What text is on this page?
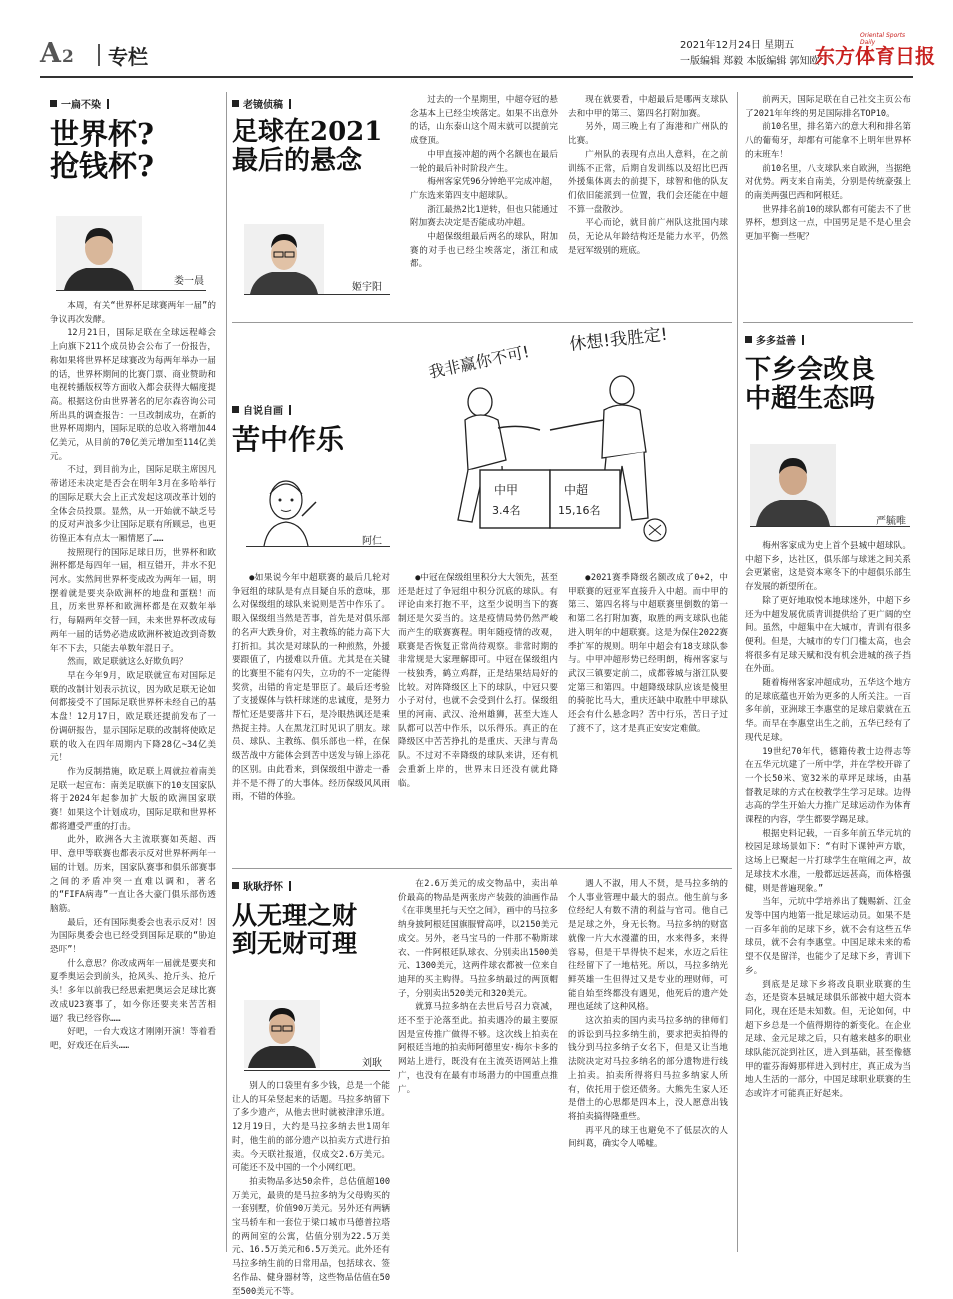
A 2 专栏	2021年12月24日 星期五
一版编辑 郑毅 本版编辑 郭知欧
Oriental Sports Daily
东方体育日报
一扁不染
世界杯?
抢钱杯?
娄一晨

本周，有关“世界杯足球赛两年一届”的争议再次发酵。

12月21日，国际足联在全球远程峰会上向旗下211个成员协会公布了一份报告，称如果将世界杯足球赛改为每两年举办一届的话，世界杯期间的比赛门票、商业赞助和电视转播版权等方面收入都会获得大幅度提高。根据这份由世界著名的尼尔森咨询公司所出具的调查报告：一旦改制成功，在新的世界杯周期内，国际足联的总收入将增加44亿美元，从目前的70亿美元增加至114亿美元。

不过，到目前为止，国际足联主席因凡蒂诺还未决定是否会在明年3月在多哈举行的国际足联大会上正式发起这项改革计划的全体会员投票。显然，从一开始就不缺乏号的反对声浪多少让国际足联有所顾忌，也更彷徨正本有点太一厢情愿了……

按照现行的国际足球日历，世界杯和欧洲杯都是每四年一届，相互错开，井水不犯河水。实然间世界杯变成改为两年一届，明摆着就是要夹杂欧洲杯的地盘和蛋糕！而且，历来世界杯和欧洲杯都是在双数年举行，每隔两年交替一回，未来世界杯改成每两年一届的话势必造成欧洲杯被迫改到奇数年不下去，只能去单数年混日子。

然而，欧足联就这么好欺负吗？

早在今年9月，欧足联就宣布对国际足联的改制计划表示抗议，因为欧足联无论如何都接受不了国际足联世界杯未经自己的基本盘！12月17日，欧足联还提前发布了一份调研报告，显示国际足联的改制将使欧足联的收入在四年周期内下降28亿~34亿美元！

作为反制措施，欧足联上周就拉着南美足联一起宣布：南美足联旗下的10支国家队将于2024年起参加扩大版的欧洲国家联赛！如果这个计划成功，国际足联和世界杯都将遭受严重的打击。

此外，欧洲各大主流联赛如英超、西甲、意甲等联赛也都表示反对世界杯两年一届的计划。历来，国家队赛事和俱乐部赛事之间的矛盾冲突一直难以调和，著名的“FIFA病毒”一直让各大豪门俱乐部伤透脑筋。

最后，还有国际奥委会也表示反对！因为国际奥委会也已经受到国际足联的“胁迫恐吓”！

什么意思？你改成两年一届就是要夹和夏季奥运会到前头，抢风头、抢斤头、抢斤头！多年以前我已经思索把奥运会足球比赛改成U23赛事了，如今你还要夹来苦苦相逼？我已经容你……

好吧，一台大戏这才刚刚开演！等着看吧，好戏还在后头……

老镜侦稿
足球在2021
最后的悬念
姬宇阳

过去的一个星期里，中超夺冠的悬念基本上已经尘埃落定。如果不出意外的话，山东泰山这个周末就可以提前完成登顶。

中甲直接冲超的两个名额也在最后一轮的最后补时阶段产生。

梅州客家凭96分钟绝平完成冲超，广东选来第四支中超球队。

浙江最热2比1逆转，但也只能通过附加赛去决定是否能成功冲超。

中超保级组最后两名的球队，附加赛的对手也已经尘埃落定，浙江和成都。

现在就要看，中超最后是哪两支球队去和中甲的第三、第四名打附加赛。

另外，周三晚上有了海港和广州队的比赛。

广州队的表现有点出人意料，在之前训练不正常，后期自发训练以及绍比巴西外援集体离去的前提下，球智和他的队友们依旧能派到一位置，我们会还能在中超不算一盘散沙。

平心而论，就目前广州队这批国内球员，无论从年龄结构还是能力水平，仍然是冠军级别的班底。

前两天，国际足联在自己社交主页公布了2021年年终的男足国际排名TOP10。

前10名里，排名第六的意大利和排名第八的葡萄牙，却都有可能拿不上明年世界杯的末班车！

前10名里，八支球队来自欧洲，当据绝对优势。两支来自南美，分别是传统豪强上的南美两强巴西和阿根廷。

世界排名前10的球队都有可能去不了世界杯，想到这一点，中国男足是不是心里会更加平衡一些呢？

自说自画
苦中作乐
阿仁
我非赢你不可!
休想!我胜定!
中甲
3.4名
中超
15,16名

●如果说今年中超联赛的最后几轮对争冠组的球队是有点目疑自乐的意味，那么对保级组的球队来说则是苦中作乐了。眼入保级组当然是苦事，首先是对俱乐部的名声大跌身价，对主教练的能力高下大打折扣。其次是对球队的一种煎熬，外援要跟值了，内援难以升值。尤其是在关键的比赛里不能有闪失，立功的不一定能得奖赏，出错的肯定是罪臣了。最后还考验了支援媒体与铁杆球迷的忠诚度，是努力帮忙还是要落井下石，是冷眼热讽还是乘热捉主持。人在黑龙江时见识了朋友。球员、球队、主教练、俱乐部也一样，在保级苦战中方能体会到苦中送发与锦上添花的区别。由此看来，到保级组中游走一番并不是不得了的大事体。经历保级风风雨雨，不错的体验。

●中冠在保级组里积分大大领先，甚至还是赶过了争冠组中积分沉底的球队。有评论由来打抱不平，这至少说明当下的赛制还是欠妥当的。这是疫情局势仍然严峻而产生的联赛赛程。明年随疫情的改观，联赛是否恢复正常尚待观察。非常时期的非常规是大家理解即可。中冠在保级组内一枝独秀，鹤立鸡群，正是结果结局好的比较。对阵降级区上下的球队，中冠只要小子对付，也就不会受到什么打。保级组里的河南、武汉、沧州雄狮，甚至大连人队都可以苦中作乐，以乐得乐。真正的在降级区中苦苦挣扎的是重庆、天津与青岛队。不过对不幸降级的球队来讲，还有机会重新上岸的，世界末日还没有就此降临。

●2021赛季降级名额改成了0+2，中甲联赛的冠亚军直接升入中超。而中甲的第三、第四名将与中超联赛里倒数的第一和第二名打附加赛，取胜的两支球队也能进入明年的中超联赛。这是为保住2022赛季扩军的规则。明年中超会有18支球队参与。中甲冲超形势已经明朗，梅州客家与武汉三镇要定前二，成都蓉城与浙江队要定第三和第四。中超降级球队应该是傻里的骑驼比马大，重庆还缺中取胜中甲球队还会有什么悬念吗？苦中行乐，苦日子过了渡不了，这才是真正安安定难做。

多多益善
下乡会改良
中超生态吗
严毓唯

梅州客家成为史上首个县城中超球队。中超下乡，达社区，俱乐部与球迷之间关系会更紧密，这是资本寒冬下的中超俱乐部生存发展的新望所在。

除了更好地取悦本地球迷外，中超下乡还为中超发展优质青训提供给了更广阔的空间。虽然，中超集中在大城市，青训有很多便利。但是，大城市的专门门槛太高，也会将很多有足球天赋和没有机会进城的孩子挡在外面。

随着梅州客家冲超成功，五华这个地方的足球底蕴也开始为更多的人所关注。一百多年前，亚洲球王李惠堂的足球启蒙就在五华。而早在李惠堂出生之前，五华已经有了现代足球。

19世纪70年代，德籍传教士边得志等在五华元坑建了一所中学，并在学校开辟了一个长50米、宽32米的草坪足球场，由基督教足球的方式在校教学生学习足球。边得志高的学生开始大力推广足球运动作为体育课程的内容，学生都要学踢足球。

根据史料记载，一百多年前五华元坑的校园足球场景如下：“有时下课钟声方歇，这场上已聚起一片打球学生在喧闹之声，故足球技术水准，一般都远远甚高，而体格强健，则是普遍现象。”

当年，元坑中学培养出了魏赐新、江金发等中国内地第一批足球运动员。如果不是一百多年前的足球下乡，就不会有这些五华球员，就不会有李惠堂。中国足球未来的希望不仅是留洋，也能少了足球下乡，青训下乡。

到底是足球下乡将改良职业联赛的生态，还是资本县城足球俱乐部被中超大资本同化，现在还是未知数。但，无论如何，中超下乡总是一个值得期待的新变化。在企业足球、金元足球之后，只有越来越多的职业球队能沉淀到社区，进入到基础，甚至像德甲的霍芬海姆那样进入到村庄，真正成为当地人生活的一部分，中国足球职业联赛的生态或许才可能真正好起来。

耿耿抒怀
从无理之财
到无财可理
刘耿

别人的口袋里有多少钱，总是一个能让人的耳朵竖起来的话题。马拉多纳留下了多少遗产，从他去世时就被津津乐道。12月19日，大约是马拉多纳去世1周年时，他生前的部分遗产以拍卖方式进行拍卖。今天联社报道，仅成交2.6万美元。可能还不及中国的一个小网红吧。

拍卖物品多达50余件，总估值超100万美元，最贵的是马拉多纳为父母购买的一套别墅，价值90万美元。另外还有两辆宝马轿车和一套位于梁口城市马德普拉塔的两间室的公寓，估值分别为22.5万美元、16.5万美元和6.5万美元。此外还有马拉多纳生前的日常用品，包括球衣、签名作品、健身器材等，这些物品估值在50至500美元不等。

在2.6万美元的成交物品中，卖出单价最高的物品是两张房产装鼓的油画作品《在菲奥里托与天空之间》，画中的马拉多纳身披阿根廷国旗服臂高呼，以2150美元成交。另外，老马宝马的一件那不勒斯球衣、一件阿根廷队球衣、分别卖出1500美元、1300美元，这两件球衣都被一位来自迪拜的买主购得。马拉多纳最过的两顶帽子，分别卖出520美元和320美元。

就算马拉多纳在去世后号召力衰减，还不至于沦落至此。拍卖遇冷的最主要原因是宣传推广做得不够。这次线上拍卖在阿根廷当地的拍卖师阿德里安·梅尔卡多的网站上进行，既没有在主流英语网站上推广，也没有在最有市场潜力的中国重点推广。

遇人不淑，用人不贤，是马拉多纳的个人事业管理中最大的弱点。他生前与多位经纪人有数不清的利益与官司。他自己是足球之外，身无长物。马拉多纳的财富就像一片大水漫灌的田，水来得多，来得容易，但是干旱得快不起来，水迈之后往往经留下了一地枯死。所以，马拉多纳光鲜英雄一生但得过又是专业的理财师，可能自始至终都没有遇见，他死后的遗产处理也延续了这种风格。

这次拍卖的国内卖马拉多纳的律师们的诉讼到马拉多纳生前，要求把卖拍得的钱分到马拉多纳子女名下，但是又让当地法院决定对马拉多纳名的部分遗物进行线上拍卖。拍卖所得将归马拉多纳家人所有，依托用于偿还债务。大熊先生家人还是借土的心思都是四本上，没人愿意出钱将拍卖搞得隆重些。

再平凡的球王也避免不了低层次的人间纠葛，确实令人唏嘘。
